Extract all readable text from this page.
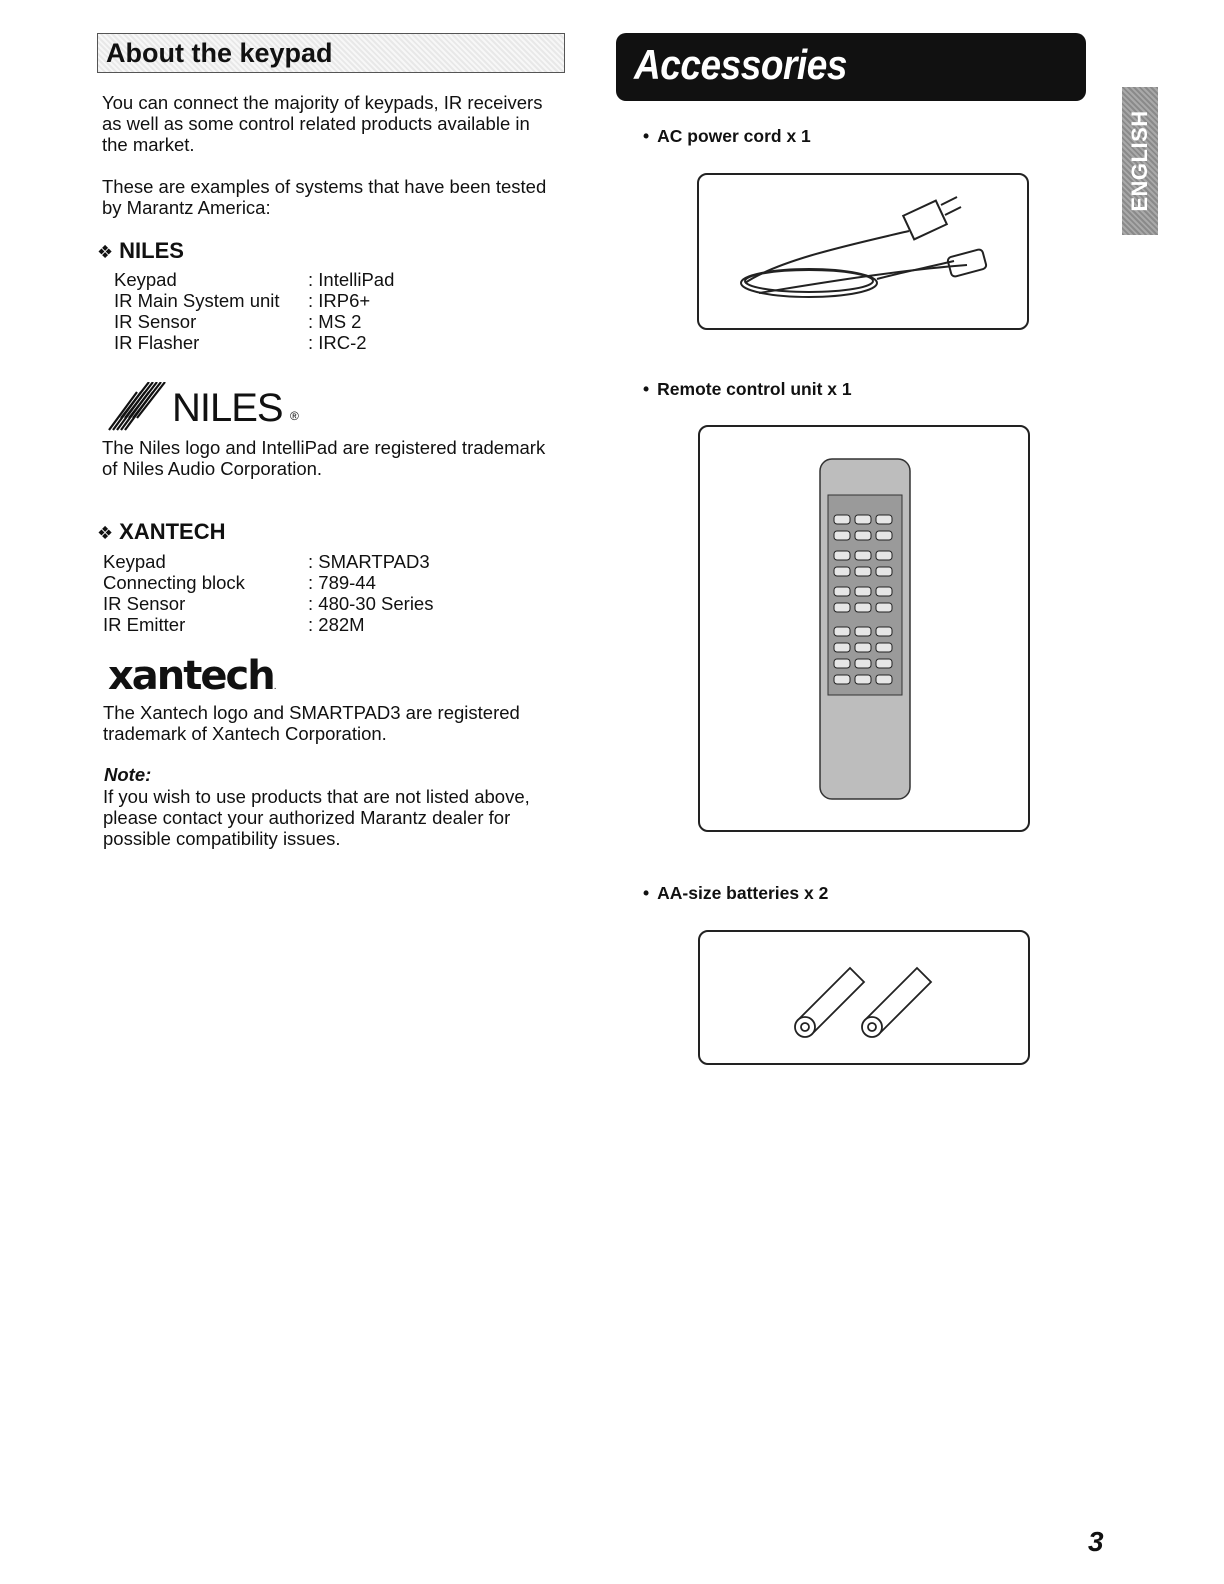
About the keypad
You can connect the majority of keypads, IR receivers
as well as some control related products available in
the market.
These are examples of systems that have been tested
by Marantz America:
❖ NILES
Keypad	: IntelliPad
IR Main System unit : IRP6+
IR Sensor	: MS 2
IR Flasher	: IRC-2
NILES ®
The Niles logo and IntelliPad are registered trademark
of Niles Audio Corporation.
❖ XANTECH
Keypad	: SMARTPAD3
Connecting block	: 789-44
IR Sensor	: 480-30 Series
IR Emitter	: 282M
xantech.
The Xantech logo and SMARTPAD3 are registered
trademark of Xantech Corporation.
Note:
If you wish to use products that are not listed above,
please contact your authorized Marantz dealer for
possible compatibility issues.
Accessories
• AC power cord x 1
• Remote control unit x 1
• AA-size batteries x 2
ENGLISH
3
